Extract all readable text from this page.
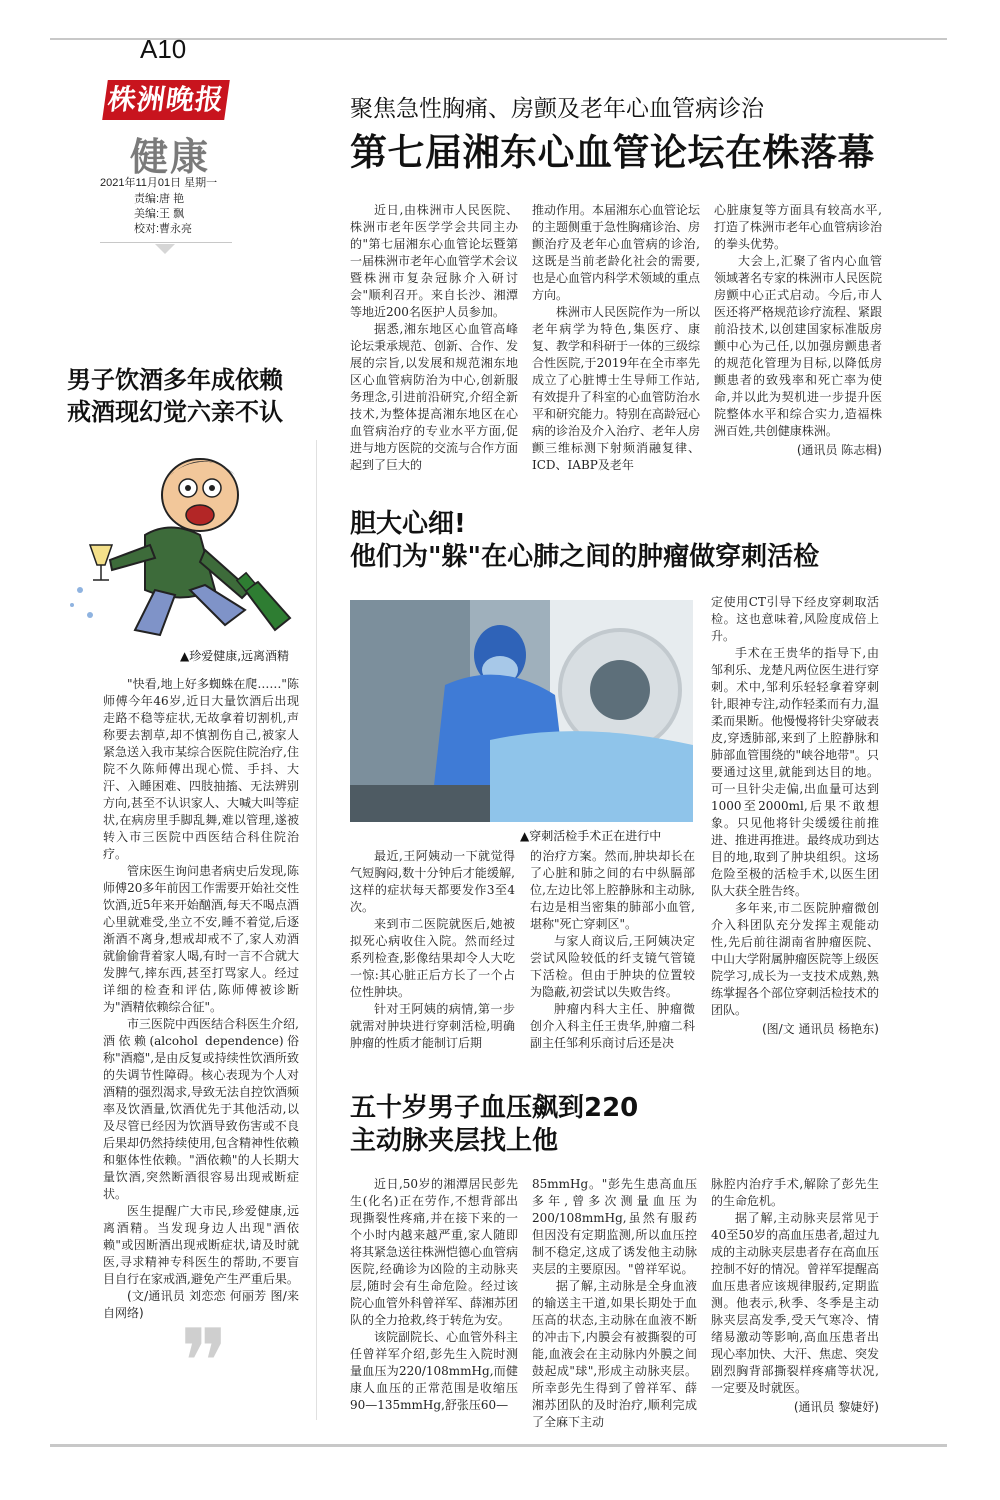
A10
株洲晚报
健康
2021年11月01日 星期一
责编:唐 艳
美编:王 飘
校对:曹永亮
聚焦急性胸痛、房颤及老年心血管病诊治
第七届湘东心血管论坛在株落幕

近日,由株洲市人民医院、株洲市老年医学学会共同主办的"第七届湘东心血管论坛暨第一届株洲市老年心血管学术会议暨株洲市复杂冠脉介入研讨会"顺利召开。来自长沙、湘潭等地近200名医护人员参加。

据悉,湘东地区心血管高峰论坛秉承规范、创新、合作、发展的宗旨,以发展和规范湘东地区心血管病防治为中心,创新服务理念,引进前沿研究,介绍全新技术,为整体提高湘东地区在心血管病治疗的专业水平方面,促进与地方医院的交流与合作方面起到了巨大的

推动作用。本届湘东心血管论坛的主题侧重于急性胸痛诊治、房颤治疗及老年心血管病的诊治,这既是当前老龄化社会的需要,也是心血管内科学术领域的重点方向。

株洲市人民医院作为一所以老年病学为特色,集医疗、康复、教学和科研于一体的三级综合性医院,于2019年在全市率先成立了心脏博士生导师工作站,有效提升了科室的心血管防治水平和研究能力。特别在高龄冠心病的诊治及介入治疗、老年人房颤三维标测下射频消融复律、ICD、IABP及老年

心脏康复等方面具有较高水平,打造了株洲市老年心血管病诊治的拳头优势。

大会上,汇聚了省内心血管领域著名专家的株洲市人民医院房颤中心正式启动。今后,市人医还将严格规范诊疗流程、紧跟前沿技术,以创建国家标准版房颤中心为己任,以加强房颤患者的规范化管理为目标,以降低房颤患者的致残率和死亡率为使命,并以此为契机进一步提升医院整体水平和综合实力,造福株洲百姓,共创健康株洲。

(通讯员 陈志楫)

男子饮酒多年成依赖
戒酒现幻觉六亲不认
▲珍爱健康,远离酒精

"快看,地上好多蜘蛛在爬……"陈师傅今年46岁,近日大量饮酒后出现走路不稳等症状,无故拿着切割机,声称要去割草,却不慎割伤自己,被家人紧急送入我市某综合医院住院治疗,住院不久陈师傅出现心慌、手抖、大汗、入睡困难、四肢抽搐、无法辨别方向,甚至不认识家人、大喊大叫等症状,在病房里手脚乱舞,难以管理,遂被转入市三医院中西医结合科住院治疗。

管床医生询问患者病史后发现,陈师傅20多年前因工作需要开始社交性饮酒,近5年来开始酗酒,每天不喝点酒心里就难受,坐立不安,睡不着觉,后逐渐酒不离身,想戒却戒不了,家人劝酒就偷偷背着家人喝,有时一言不合就大发脾气,摔东西,甚至打骂家人。经过详细的检查和评估,陈师傅被诊断为"酒精依赖综合征"。

市三医院中西医结合科医生介绍,酒依赖(alcohol dependence)俗称"酒瘾",是由反复或持续性饮酒所致的失调节性障碍。核心表现为个人对酒精的强烈渴求,导致无法自控饮酒频率及饮酒量,饮酒优先于其他活动,以及尽管已经因为饮酒导致伤害或不良后果却仍然持续使用,包含精神性依赖和躯体性依赖。"酒依赖"的人长期大量饮酒,突然断酒很容易出现戒断症状。

医生提醒广大市民,珍爱健康,远离酒精。当发现身边人出现"酒依赖"或因断酒出现戒断症状,请及时就医,寻求精神专科医生的帮助,不要盲目自行在家戒酒,避免产生严重后果。

(文/通讯员 刘恋恋 何丽芳 图/来自网络) ❞
胆大心细!
他们为"躲"在心肺之间的肿瘤做穿刺活检
▲穿刺活检手术正在进行中

最近,王阿姨动一下就觉得气短胸闷,数十分钟后才能缓解,这样的症状每天都要发作3至4次。

来到市二医院就医后,她被拟死心病收住入院。然而经过系列检查,影像结果却令人大吃一惊:其心脏正后方长了一个占位性肿块。

针对王阿姨的病情,第一步就需对肿块进行穿刺活检,明确肿瘤的性质才能制订后期

的治疗方案。然而,肿块却长在了心脏和肺之间的右中纵膈部位,左边比邻上腔静脉和主动脉,右边是相当密集的肺部小血管,堪称"死亡穿刺区"。

与家人商议后,王阿姨决定尝试风险较低的纤支镜气管镜下活检。但由于肿块的位置较为隐蔽,初尝试以失败告终。

肿瘤内科大主任、肿瘤微创介入科主任王贵华,肿瘤二科副主任邹利乐商讨后还是决

定使用CT引导下经皮穿刺取活检。这也意味着,风险度成倍上升。

手术在王贵华的指导下,由邹利乐、龙楚凡两位医生进行穿刺。术中,邹利乐轻轻拿着穿刺针,眼神专注,动作轻柔而有力,温柔而果断。他慢慢将针尖穿破表皮,穿透肺部,来到了上腔静脉和肺部血管围绕的"峡谷地带"。只要通过这里,就能到达目的地。可一旦针尖走偏,出血量可达到1000至2000ml,后果不敢想象。只见他将针尖缓缓往前推进、推进再推进。最终成功到达目的地,取到了肿块组织。这场危险至极的活检手术,以医生团队大获全胜告终。

多年来,市二医院肿瘤微创介入科团队充分发挥主观能动性,先后前往湖南省肿瘤医院、中山大学附属肿瘤医院等上级医院学习,成长为一支技术成熟,熟练掌握各个部位穿刺活检技术的团队。

(图/文 通讯员 杨艳东)

五十岁男子血压飙到220
主动脉夹层找上他

近日,50岁的湘潭居民彭先生(化名)正在劳作,不想背部出现撕裂性疼痛,并在接下来的一个小时内越来越严重,家人随即将其紧急送往株洲恺德心血管病医院,经确诊为凶险的主动脉夹层,随时会有生命危险。经过该院心血管外科曾祥军、薛湘苏团队的全力抢救,终于转危为安。

该院副院长、心血管外科主任曾祥军介绍,彭先生入院时测量血压为220/108mmHg,而健康人血压的正常范围是收缩压90—135mmHg,舒张压60—

85mmHg。"彭先生患高血压多年,曾多次测量血压为200/108mmHg,虽然有服药但因没有定期监测,所以血压控制不稳定,这成了诱发他主动脉夹层的主要原因。"曾祥军说。

据了解,主动脉是全身血液的输送主干道,如果长期处于血压高的状态,主动脉在血液不断的冲击下,内膜会有被撕裂的可能,血液会在主动脉内外膜之间鼓起成"球",形成主动脉夹层。所幸彭先生得到了曾祥军、薛湘苏团队的及时治疗,顺利完成了全麻下主动

脉腔内治疗手术,解除了彭先生的生命危机。

据了解,主动脉夹层常见于40至50岁的高血压患者,超过九成的主动脉夹层患者存在高血压控制不好的情况。曾祥军提醒高血压患者应该规律服药,定期监测。他表示,秋季、冬季是主动脉夹层高发季,受天气寒冷、情绪易激动等影响,高血压患者出现心率加快、大汗、焦虑、突发剧烈胸背部撕裂样疼痛等状况,一定要及时就医。

(通讯员 黎婕妤)
